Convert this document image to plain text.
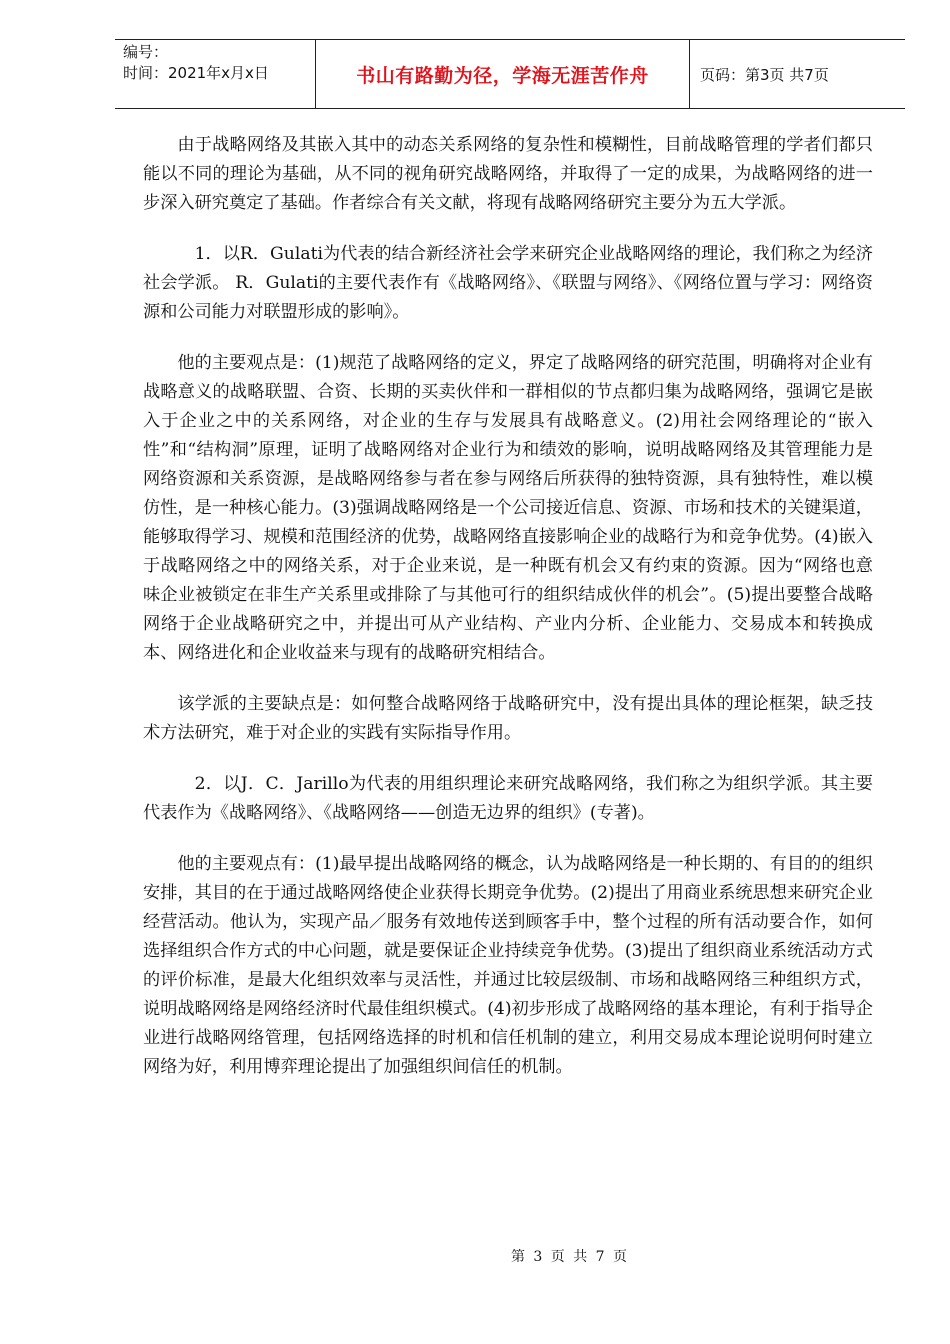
编号：
时间：2021年x月x日	书山有路勤为径，学海无涯苦作舟	页码：第3页 共7页

由于战略网络及其嵌入其中的动态关系网络的复杂性和模糊性，目前战略管理的学者们都只能以不同的理论为基础，从不同的视角研究战略网络，并取得了一定的成果，为战略网络的进一步深入研究奠定了基础。作者综合有关文献，将现有战略网络研究主要分为五大学派。

1．以R．Gulati为代表的结合新经济社会学来研究企业战略网络的理论，我们称之为经济社会学派。 R．Gulati的主要代表作有《战略网络》、《联盟与网络》、《网络位置与学习：网络资源和公司能力对联盟形成的影响》。

他的主要观点是：(1)规范了战略网络的定义，界定了战略网络的研究范围，明确将对企业有战略意义的战略联盟、合资、长期的买卖伙伴和一群相似的节点都归集为战略网络，强调它是嵌入于企业之中的关系网络，对企业的生存与发展具有战略意义。(2)用社会网络理论的“嵌入性”和“结构洞”原理，证明了战略网络对企业行为和绩效的影响，说明战略网络及其管理能力是网络资源和关系资源，是战略网络参与者在参与网络后所获得的独特资源，具有独特性，难以模仿性，是一种核心能力。(3)强调战略网络是一个公司接近信息、资源、市场和技术的关键渠道，能够取得学习、规模和范围经济的优势，战略网络直接影响企业的战略行为和竞争优势。(4)嵌入于战略网络之中的网络关系，对于企业来说，是一种既有机会又有约束的资源。因为“网络也意味企业被锁定在非生产关系里或排除了与其他可行的组织结成伙伴的机会”。(5)提出要整合战略网络于企业战略研究之中，并提出可从产业结构、产业内分析、企业能力、交易成本和转换成本、网络进化和企业收益来与现有的战略研究相结合。

该学派的主要缺点是：如何整合战略网络于战略研究中，没有提出具体的理论框架，缺乏技术方法研究，难于对企业的实践有实际指导作用。

2．以J．C．Jarillo为代表的用组织理论来研究战略网络，我们称之为组织学派。其主要代表作为《战略网络》、《战略网络——创造无边界的组织》(专著)。

他的主要观点有：(1)最早提出战略网络的概念，认为战略网络是一种长期的、有目的的组织安排，其目的在于通过战略网络使企业获得长期竞争优势。(2)提出了用商业系统思想来研究企业经营活动。他认为，实现产品／服务有效地传送到顾客手中，整个过程的所有活动要合作，如何选择组织合作方式的中心问题，就是要保证企业持续竞争优势。(3)提出了组织商业系统活动方式的评价标准，是最大化组织效率与灵活性，并通过比较层级制、市场和战略网络三种组织方式，说明战略网络是网络经济时代最佳组织模式。(4)初步形成了战略网络的基本理论，有利于指导企业进行战略网络管理，包括网络选择的时机和信任机制的建立，利用交易成本理论说明何时建立网络为好，利用博弈理论提出了加强组织间信任的机制。

第 3 页 共 7 页
